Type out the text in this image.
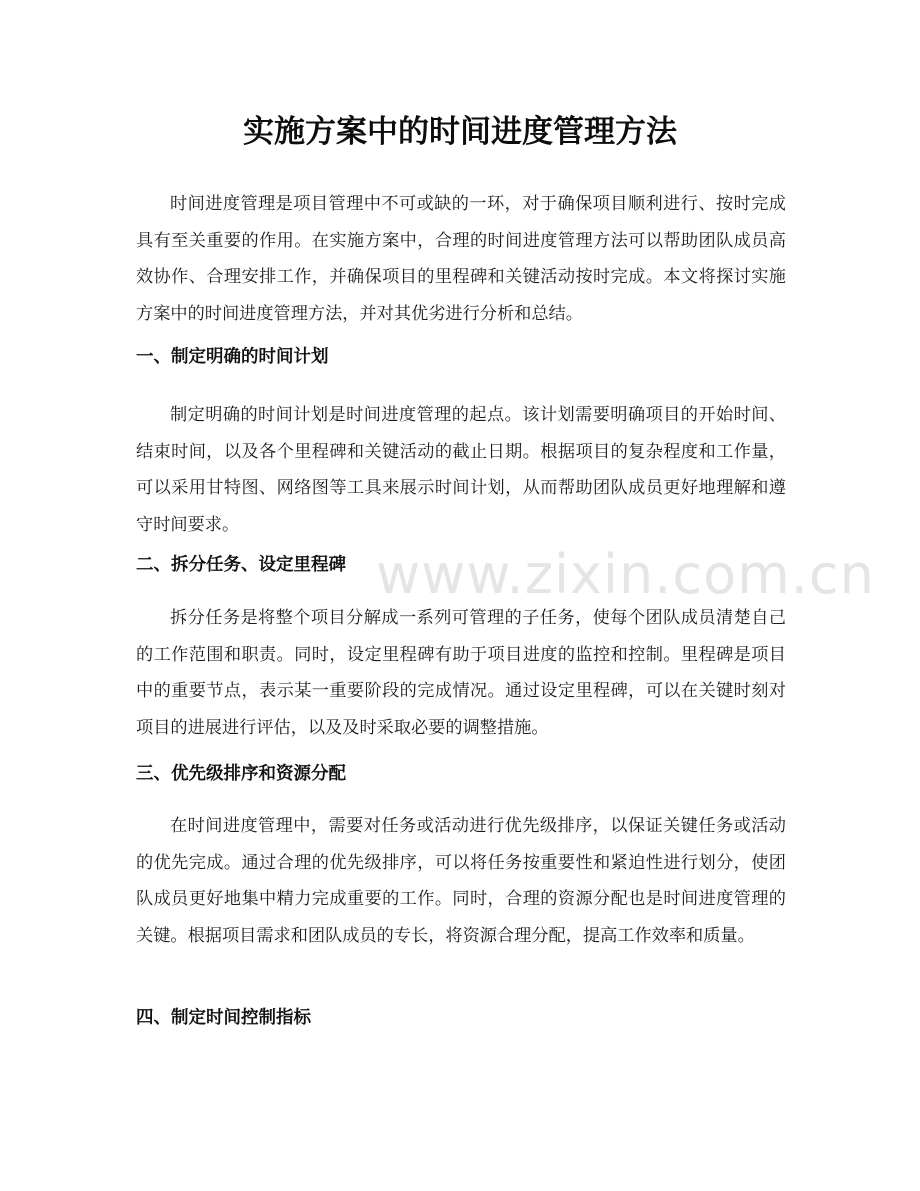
实施方案中的时间进度管理方法

时间进度管理是项目管理中不可或缺的一环，对于确保项目顺利进行、按时完成具有至关重要的作用。在实施方案中，合理的时间进度管理方法可以帮助团队成员高效协作、合理安排工作，并确保项目的里程碑和关键活动按时完成。本文将探讨实施方案中的时间进度管理方法，并对其优劣进行分析和总结。

一、制定明确的时间计划

制定明确的时间计划是时间进度管理的起点。该计划需要明确项目的开始时间、结束时间，以及各个里程碑和关键活动的截止日期。根据项目的复杂程度和工作量，可以采用甘特图、网络图等工具来展示时间计划，从而帮助团队成员更好地理解和遵守时间要求。

二、拆分任务、设定里程碑

拆分任务是将整个项目分解成一系列可管理的子任务，使每个团队成员清楚自己的工作范围和职责。同时，设定里程碑有助于项目进度的监控和控制。里程碑是项目中的重要节点，表示某一重要阶段的完成情况。通过设定里程碑，可以在关键时刻对项目的进展进行评估，以及及时采取必要的调整措施。

三、优先级排序和资源分配

在时间进度管理中，需要对任务或活动进行优先级排序，以保证关键任务或活动的优先完成。通过合理的优先级排序，可以将任务按重要性和紧迫性进行划分，使团队成员更好地集中精力完成重要的工作。同时，合理的资源分配也是时间进度管理的关键。根据项目需求和团队成员的专长，将资源合理分配，提高工作效率和质量。

四、制定时间控制指标
www.zixin.com.cn
